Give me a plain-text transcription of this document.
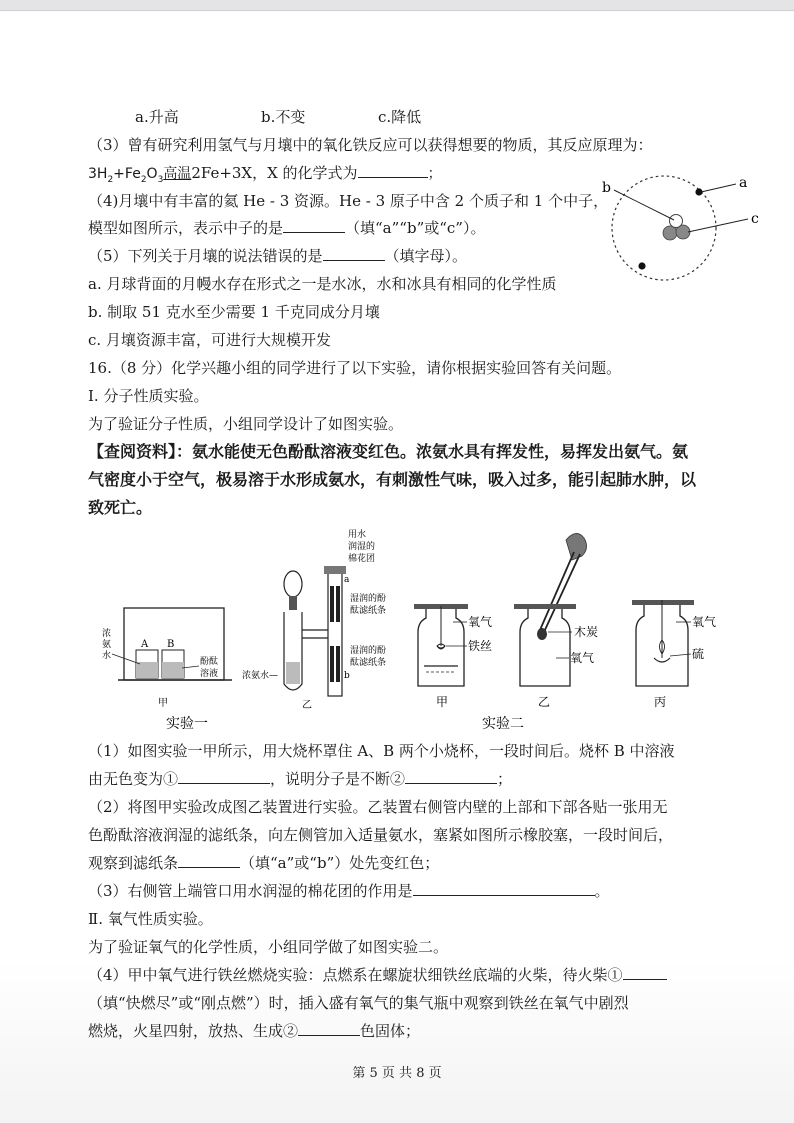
a.升高	b.不变	c.降低
（3）曾有研究利用氢气与月壤中的氧化铁反应可以获得想要的物质，其反应原理为：
$3H_2+Fe_2O_3$高温2Fe+3X，X 的化学式为	；
（4)月壤中有丰富的氦 He - 3 资源。He - 3 原子中含 2 个质子和 1 个中子，
模型如图所示，表示中子的是	（填“a”“b”或“c”）。
b	a
c
（5）下列关于月壤的说法错误的是	（填字母）。
a. 月球背面的月幔水存在形式之一是水冰，水和冰具有相同的化学性质
b. 制取 51 克水至少需要 1 千克同成分月壤
c. 月壤资源丰富，可进行大规模开发
16.（8 分）化学兴趣小组的同学进行了以下实验，请你根据实验回答有关问题。
Ⅰ. 分子性质实验。
为了验证分子性质，小组同学设计了如图实验。
【查阅资料】：氨水能使无色酚酞溶液变红色。浓氨水具有挥发性，易挥发出氨气。氨
气密度小于空气，极易溶于水形成氨水，有刺激性气味，吸入过多，能引起肺水肿，以
致死亡。
A B
浓
氨
水
酚酞
溶液
甲
a
b
用水
润湿的
棉花团
湿润的酚
酞滤纸条
湿润的酚
酞滤纸条
浓氨水—
乙
氧气
铁丝
甲
木炭
氧气
乙
氧气
硫
丙
实验一	实验二
（1）如图实验一甲所示，用大烧杯罩住 A、B 两个小烧杯，一段时间后。烧杯 B 中溶液
由无色变为①	，说明分子是不断②	；
（2）将图甲实验改成图乙装置进行实验。乙装置右侧管内壁的上部和下部各贴一张用无
色酚酞溶液润湿的滤纸条，向左侧管加入适量氨水，塞紧如图所示橡胶塞，一段时间后，
观察到滤纸条	（填“a”或“b”）处先变红色；
（3）右侧管上端管口用水润湿的棉花团的作用是	。
Ⅱ. 氧气性质实验。
为了验证氧气的化学性质，小组同学做了如图实验二。
（4）甲中氧气进行铁丝燃烧实验：点燃系在螺旋状细铁丝底端的火柴，待火柴①
（填“快燃尽”或“刚点燃”）时，插入盛有氧气的集气瓶中观察到铁丝在氧气中剧烈
燃烧，火星四射，放热、生成②	色固体；
第 5 页 共 8 页
